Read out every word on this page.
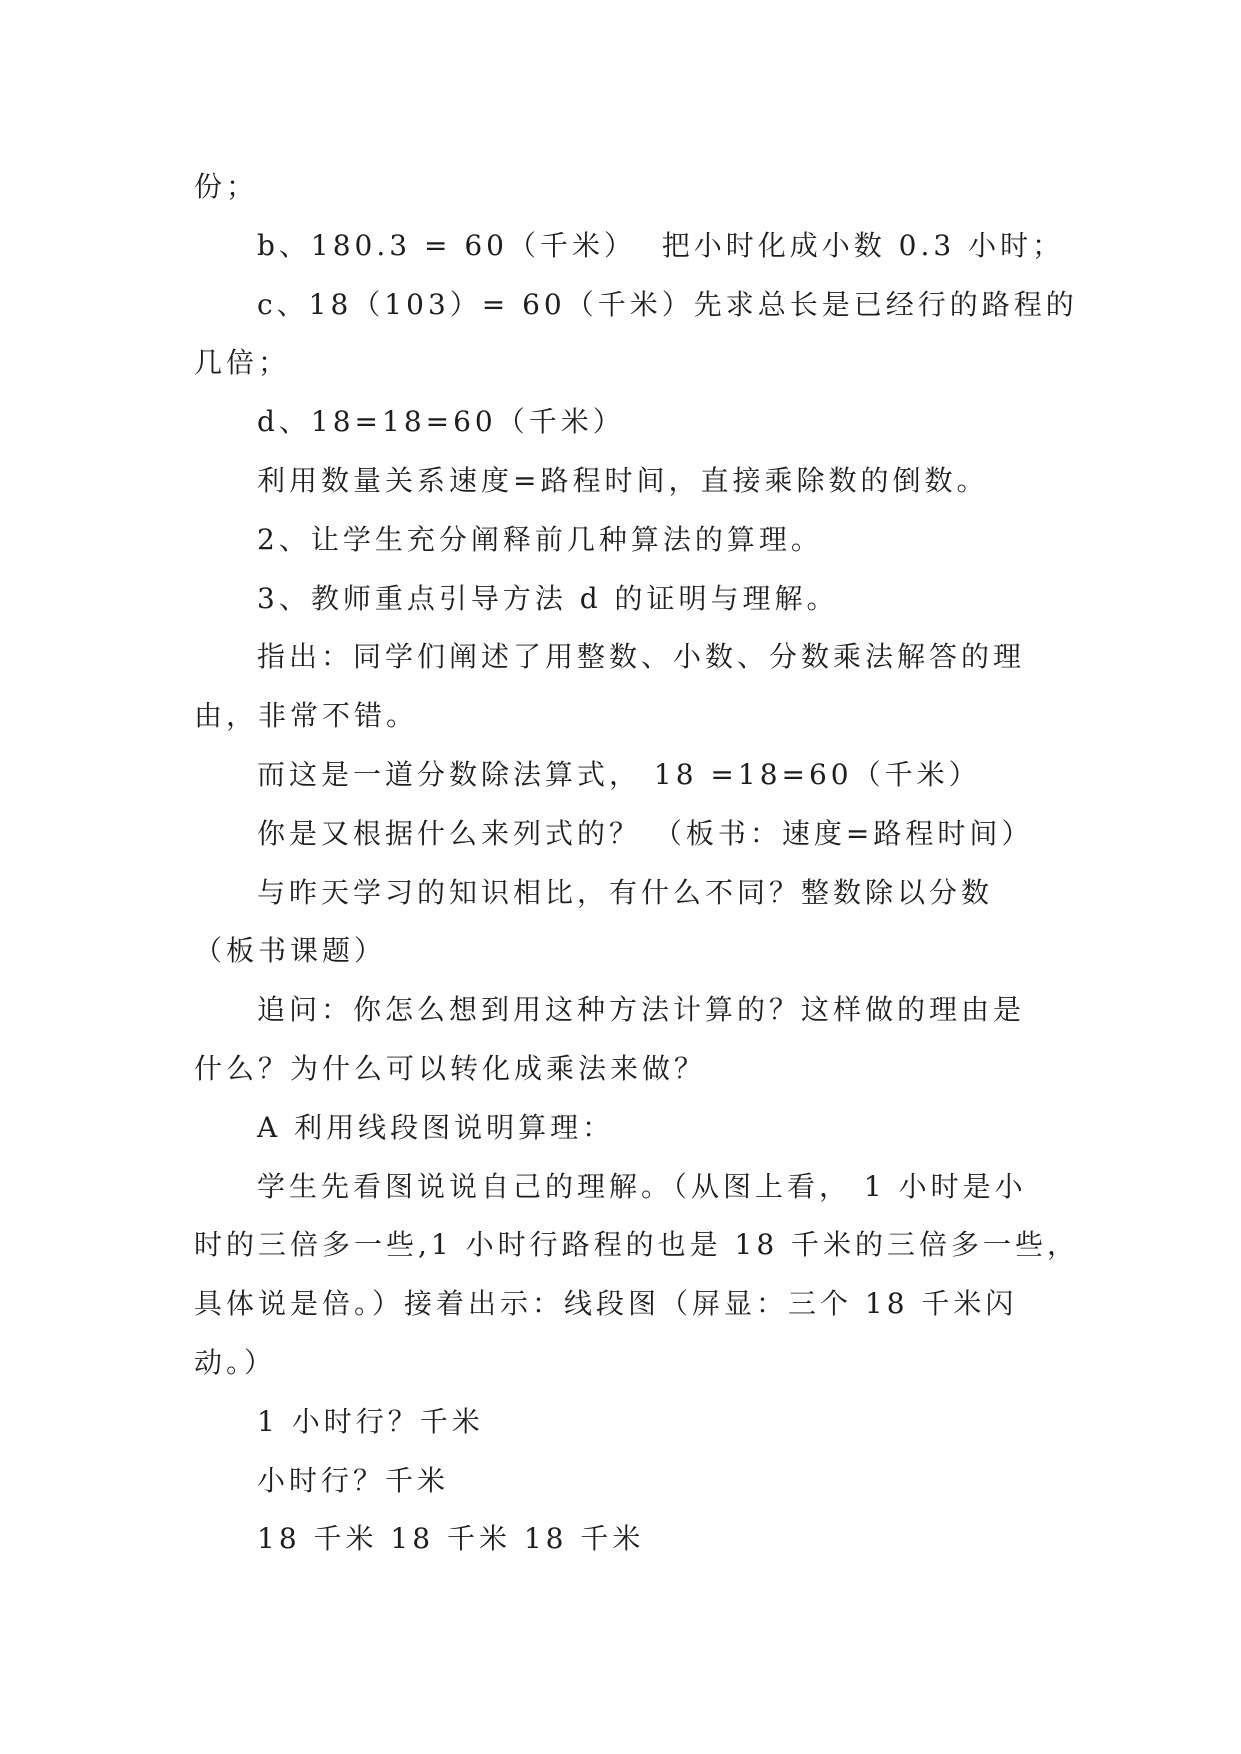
份；
b、180.3 = 60（千米）  把小时化成小数 0.3 小时；
c、18（103）= 60（千米）先求总长是已经行的路程的
几倍；
d、18=18=60（千米）
利用数量关系速度=路程时间，直接乘除数的倒数。
2、让学生充分阐释前几种算法的算理。
3、教师重点引导方法 d 的证明与理解。
指出：同学们阐述了用整数、小数、分数乘法解答的理
由，非常不错。
而这是一道分数除法算式， 18 =18=60（千米）
你是又根据什么来列式的？ （板书：速度=路程时间）
与昨天学习的知识相比，有什么不同？整数除以分数
（板书课题）
追问：你怎么想到用这种方法计算的？这样做的理由是
什么？为什么可以转化成乘法来做？
A 利用线段图说明算理：
学生先看图说说自己的理解。（从图上看， 1 小时是小
时的三倍多一些,1 小时行路程的也是 18 千米的三倍多一些，
具体说是倍。）接着出示：线段图（屏显：三个 18 千米闪
动。）
1 小时行？千米
小时行？千米
18 千米 18 千米 18 千米
